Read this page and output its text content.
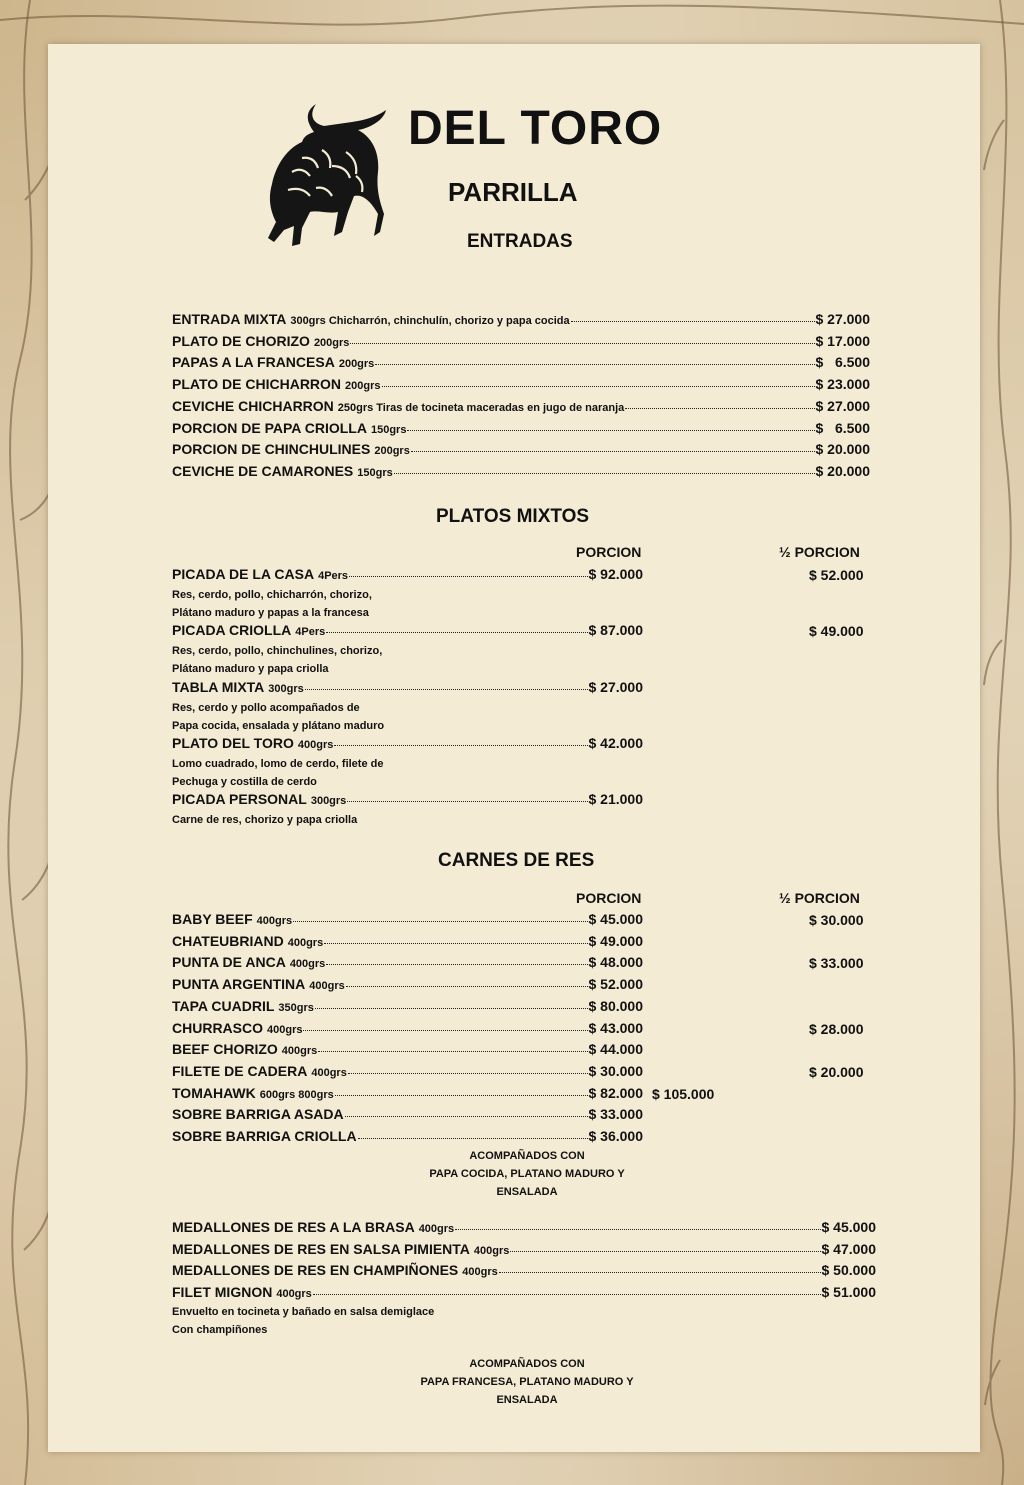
DEL TORO
PARRILLA
ENTRADAS
ENTRADA MIXTA 300grs Chicharrón, chinchulín, chorizo y papa cocida	$ 27.000
PLATO DE CHORIZO 200grs	$ 17.000
PAPAS A LA FRANCESA 200grs	$   6.500
PLATO DE CHICHARRON 200grs	$ 23.000
CEVICHE CHICHARRON 250grs Tiras de tocineta maceradas en jugo de naranja	$ 27.000
PORCION DE PAPA CRIOLLA 150grs	$   6.500
PORCION DE CHINCHULINES 200grs	$ 20.000
CEVICHE DE CAMARONES 150grs	$ 20.000
PLATOS MIXTOS
PORCION	½ PORCION
PICADA DE LA CASA 4Pers	$ 92.000	$ 52.000
Res, cerdo, pollo, chicharrón, chorizo,
Plátano maduro y papas a la francesa
PICADA CRIOLLA 4Pers	$ 87.000	$ 49.000
Res, cerdo, pollo, chinchulines, chorizo,
Plátano maduro y papa criolla
TABLA MIXTA 300grs	$ 27.000
Res, cerdo y pollo acompañados de
Papa cocida, ensalada y plátano maduro
PLATO DEL TORO 400grs	$ 42.000
Lomo cuadrado, lomo de cerdo, filete de
Pechuga y costilla de cerdo
PICADA PERSONAL 300grs	$ 21.000
Carne de res, chorizo y papa criolla
CARNES DE RES
PORCION	½ PORCION
BABY BEEF 400grs	$ 45.000	$ 30.000
CHATEUBRIAND 400grs	$ 49.000
PUNTA DE ANCA 400grs	$ 48.000	$ 33.000
PUNTA ARGENTINA 400grs	$ 52.000
TAPA CUADRIL 350grs	$ 80.000
CHURRASCO 400grs	$ 43.000	$ 28.000
BEEF CHORIZO 400grs	$ 44.000
FILETE DE CADERA 400grs	$ 30.000	$ 20.000
TOMAHAWK 600grs 800grs	$ 82.000 $ 105.000
SOBRE BARRIGA ASADA	$ 33.000
SOBRE BARRIGA CRIOLLA	$ 36.000
ACOMPAÑADOS CON
PAPA COCIDA, PLATANO MADURO Y
ENSALADA
MEDALLONES DE RES A LA BRASA 400grs	$ 45.000
MEDALLONES DE RES EN SALSA PIMIENTA 400grs	$ 47.000
MEDALLONES DE RES EN CHAMPIÑONES 400grs	$ 50.000
FILET MIGNON 400grs	$ 51.000
Envuelto en tocineta y bañado en salsa demiglace
Con champiñones
ACOMPAÑADOS CON
PAPA FRANCESA, PLATANO MADURO Y
ENSALADA
